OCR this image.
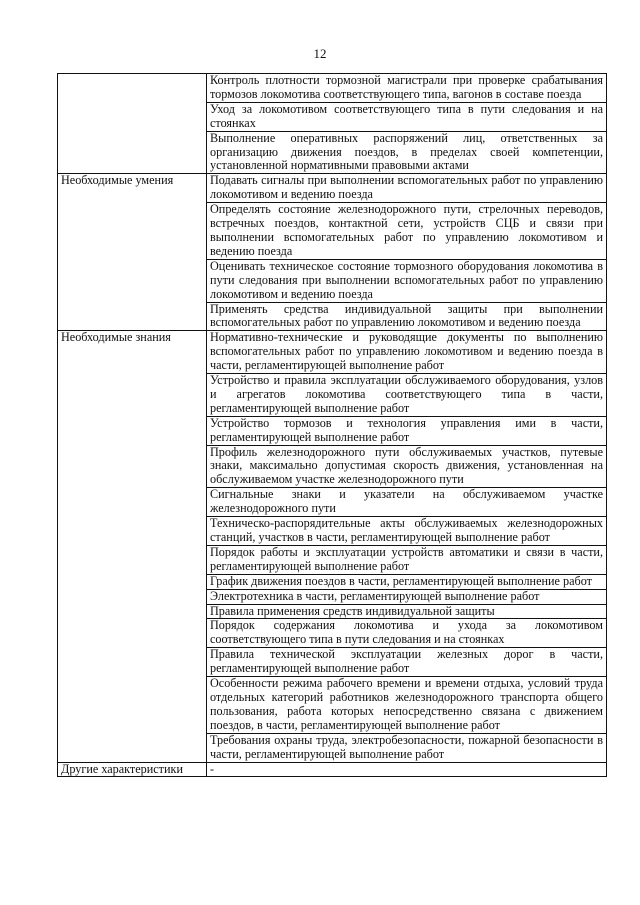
12
	Контроль плотности тормозной магистрали при проверке срабатывания тормозов локомотива соответствующего типа, вагонов в составе поезда
	Уход за локомотивом соответствующего типа в пути следования и на стоянках
	Выполнение оперативных распоряжений лиц, ответственных за организацию движения поездов, в пределах своей компетенции, установленной нормативными правовыми актами
Необходимые умения	Подавать сигналы при выполнении вспомогательных работ по управлению локомотивом и ведению поезда
	Определять состояние железнодорожного пути, стрелочных переводов, встречных поездов, контактной сети, устройств СЦБ и связи при выполнении вспомогательных работ по управлению локомотивом и ведению поезда
	Оценивать техническое состояние тормозного оборудования локомотива в пути следования при выполнении вспомогательных работ по управлению локомотивом и ведению поезда
	Применять средства индивидуальной защиты при выполнении вспомогательных работ по управлению локомотивом и ведению поезда
Необходимые знания	Нормативно-технические и руководящие документы по выполнению вспомогательных работ по управлению локомотивом и ведению поезда в части, регламентирующей выполнение работ
	Устройство и правила эксплуатации обслуживаемого оборудования, узлов и агрегатов локомотива соответствующего типа в части, регламентирующей выполнение работ
	Устройство тормозов и технология управления ими в части, регламентирующей выполнение работ
	Профиль железнодорожного пути обслуживаемых участков, путевые знаки, максимально допустимая скорость движения, установленная на обслуживаемом участке железнодорожного пути
	Сигнальные знаки и указатели на обслуживаемом участке железнодорожного пути
	Техническо-распорядительные акты обслуживаемых железнодорожных станций, участков в части, регламентирующей выполнение работ
	Порядок работы и эксплуатации устройств автоматики и связи в части, регламентирующей выполнение работ
	График движения поездов в части, регламентирующей выполнение работ
	Электротехника в части, регламентирующей выполнение работ
	Правила применения средств индивидуальной защиты
	Порядок содержания локомотива и ухода за локомотивом соответствующего типа в пути следования и на стоянках
	Правила технической эксплуатации железных дорог в части, регламентирующей выполнение работ
	Особенности режима рабочего времени и времени отдыха, условий труда отдельных категорий работников железнодорожного транспорта общего пользования, работа которых непосредственно связана с движением поездов, в части, регламентирующей выполнение работ
	Требования охраны труда, электробезопасности, пожарной безопасности в части, регламентирующей выполнение работ
Другие характеристики	-
